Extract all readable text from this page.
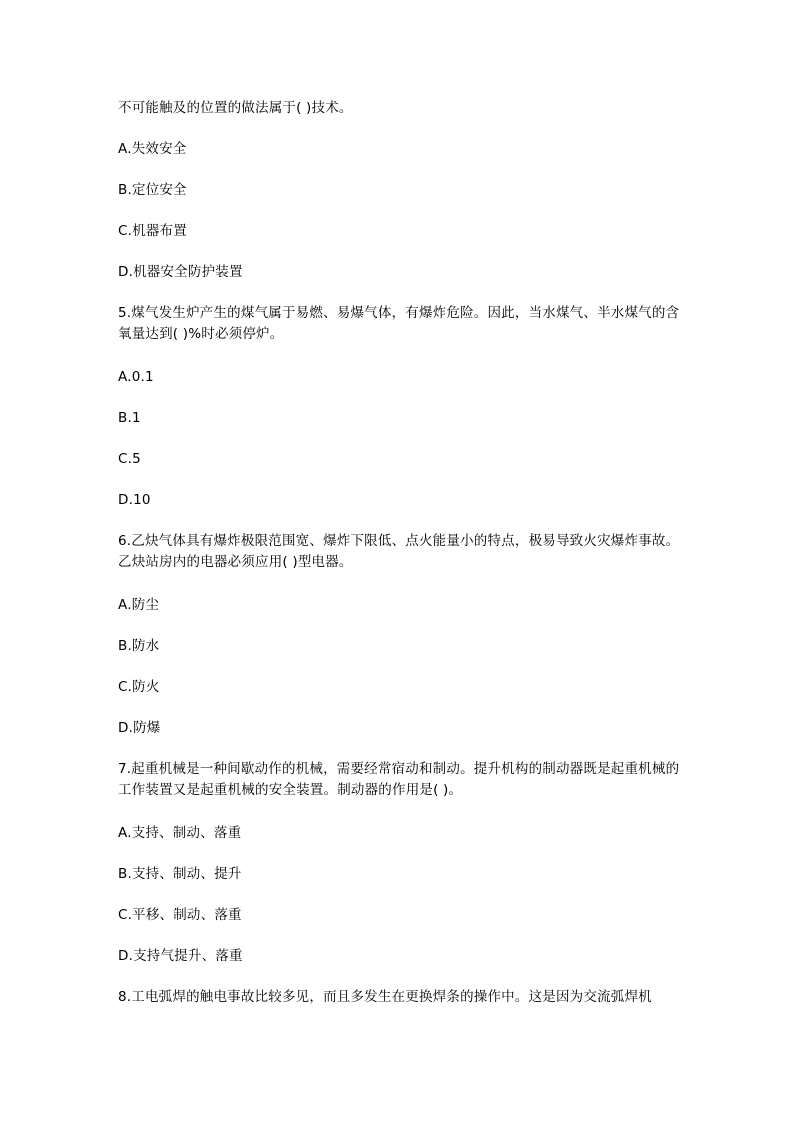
不可能触及的位置的做法属于( )技术。

A.失效安全

B.定位安全

C.机器布置

D.机器安全防护装置

5.煤气发生炉产生的煤气属于易燃、易爆气体，有爆炸危险。因此，当水煤气、半水煤气的含氧量达到( )%时必须停炉。

A.0.1

B.1

C.5

D.10

6.乙炔气体具有爆炸极限范围宽、爆炸下限低、点火能量小的特点，极易导致火灾爆炸事故。乙炔站房内的电器必须应用( )型电器。

A.防尘

B.防水

C.防火

D.防爆

7.起重机械是一种间歇动作的机械，需要经常宿动和制动。提升机构的制动器既是起重机械的工作装置又是起重机械的安全装置。制动器的作用是( )。

A.支持、制动、落重

B.支持、制动、提升

C.平移、制动、落重

D.支持气提升、落重

8.工电弧焊的触电事故比较多见，而且多发生在更换焊条的操作中。这是因为交流弧焊机
